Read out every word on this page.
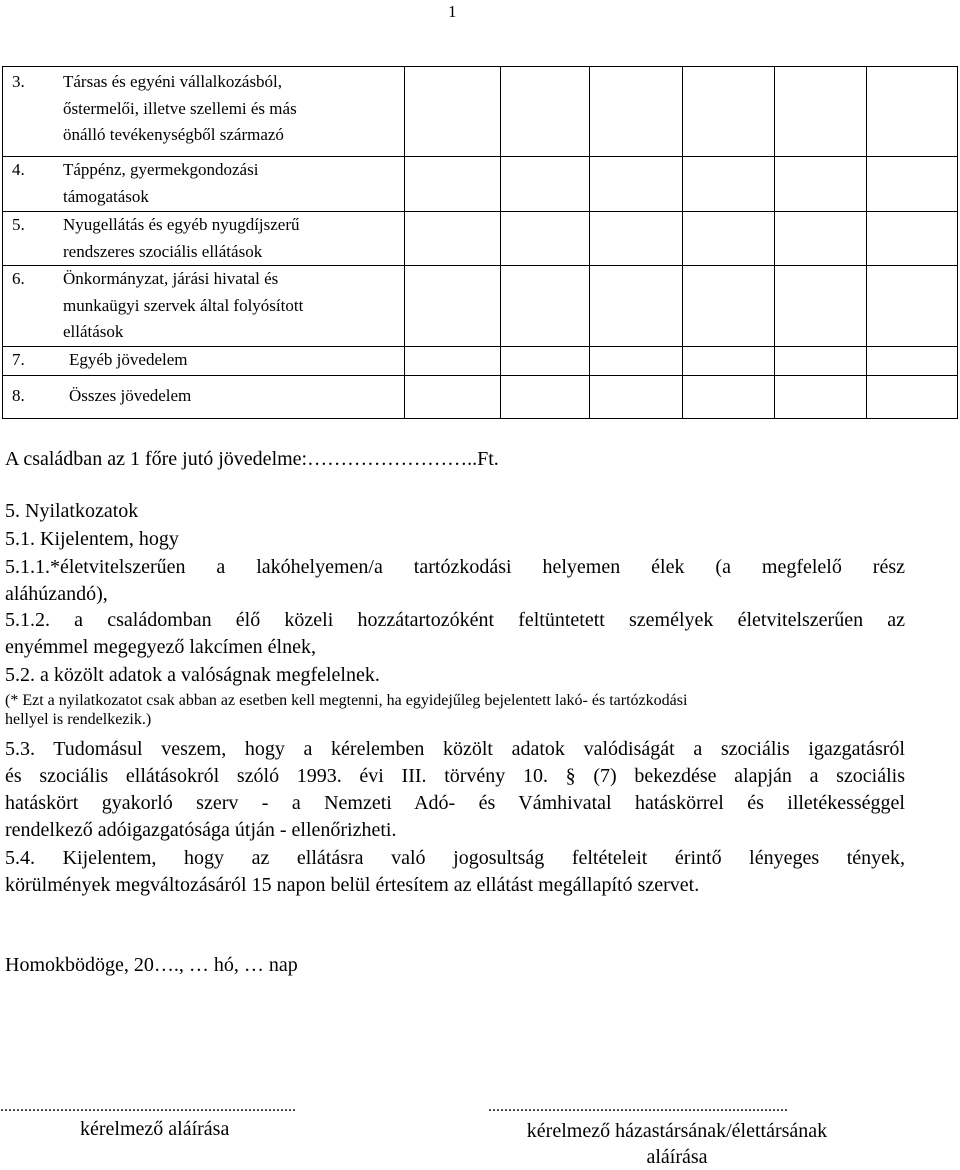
1
3. Társas és egyéni vállalkozásból,
őstermelői, illetve szellemi és más
önálló tevékenységből származó						

4. Táppénz, gyermekgondozási
támogatások						

5. Nyugellátás és egyéb nyugdíjszerű
rendszeres szociális ellátások						

6. Önkormányzat, járási hivatal és
munkaügyi szervek által folyósított
ellátások						

7. Egyéb jövedelem						

8. Összes jövedelem						

A családban az 1 főre jutó jövedelme:……………………..Ft.
5. Nyilatkozatok
5.1. Kijelentem, hogy
5.1.1.*életvitelszerűen a lakóhelyemen/a tartózkodási helyemen élek (a megfelelő rész
aláhúzandó),
5.1.2. a családomban élő közeli hozzátartozóként feltüntetett személyek életvitelszerűen az
enyémmel megegyező lakcímen élnek,
5.2. a közölt adatok a valóságnak megfelelnek.
(* Ezt a nyilatkozatot csak abban az esetben kell megtenni, ha egyidejűleg bejelentett lakó- és tartózkodási
hellyel is rendelkezik.)
5.3. Tudomásul veszem, hogy a kérelemben közölt adatok valódiságát a szociális igazgatásról
és szociális ellátásokról szóló 1993. évi III. törvény 10. § (7) bekezdése alapján a szociális
hatáskört gyakorló szerv - a Nemzeti Adó- és Vámhivatal hatáskörrel és illetékességgel
rendelkező adóigazgatósága útján - ellenőrizheti.
5.4. Kijelentem, hogy az ellátásra való jogosultság feltételeit érintő lényeges tények,
körülmények megváltozásáról 15 napon belül értesítem az ellátást megállapító szervet.
Homokbödöge, 20…., … hó, … nap
..........................................................................	...........................................................................
kérelmező aláírása	kérelmező házastársának/élettársának
aláírása
